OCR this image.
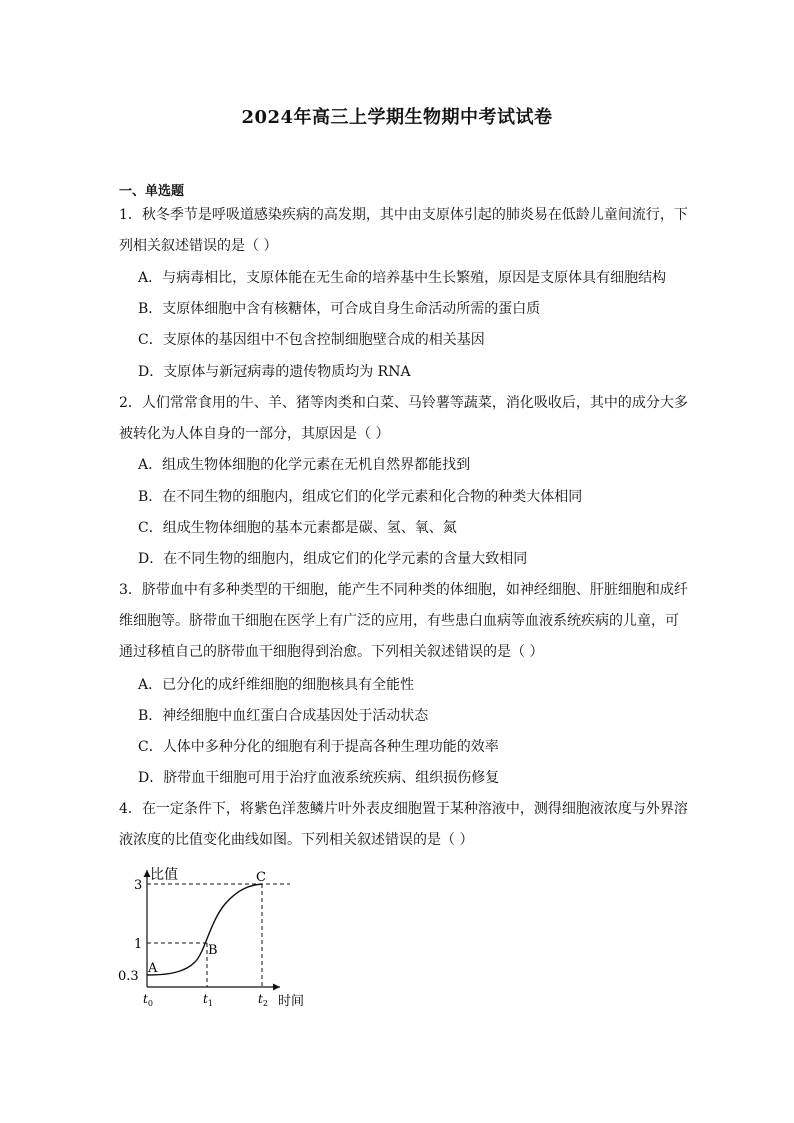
2024年高三上学期生物期中考试试卷
一、单选题
1．秋冬季节是呼吸道感染疾病的高发期，其中由支原体引起的肺炎易在低龄儿童间流行，下列相关叙述错误的是（ ）
A．与病毒相比，支原体能在无生命的培养基中生长繁殖，原因是支原体具有细胞结构
B．支原体细胞中含有核糖体，可合成自身生命活动所需的蛋白质
C．支原体的基因组中不包含控制细胞壁合成的相关基因
D．支原体与新冠病毒的遗传物质均为 RNA
2．人们常常食用的牛、羊、猪等肉类和白菜、马铃薯等蔬菜，消化吸收后，其中的成分大多被转化为人体自身的一部分，其原因是（ ）
A．组成生物体细胞的化学元素在无机自然界都能找到
B．在不同生物的细胞内，组成它们的化学元素和化合物的种类大体相同
C．组成生物体细胞的基本元素都是碳、氢、氧、氮
D．在不同生物的细胞内，组成它们的化学元素的含量大致相同
3．脐带血中有多种类型的干细胞，能产生不同种类的体细胞，如神经细胞、肝脏细胞和成纤维细胞等。脐带血干细胞在医学上有广泛的应用，有些患白血病等血液系统疾病的儿童，可通过移植自己的脐带血干细胞得到治愈。下列相关叙述错误的是（ ）
A．已分化的成纤维细胞的细胞核具有全能性
B．神经细胞中血红蛋白合成基因处于活动状态
C．人体中多种分化的细胞有利于提高各种生理功能的效率
D．脐带血干细胞可用于治疗血液系统疾病、组织损伤修复
4．在一定条件下，将紫色洋葱鳞片叶外表皮细胞置于某种溶液中，测得细胞液浓度与外界溶液浓度的比值变化曲线如图。下列相关叙述错误的是（ ）
3
1
0.3
比值
A
B
C
$t_0$	$t_1$	$t_2$ 时间
